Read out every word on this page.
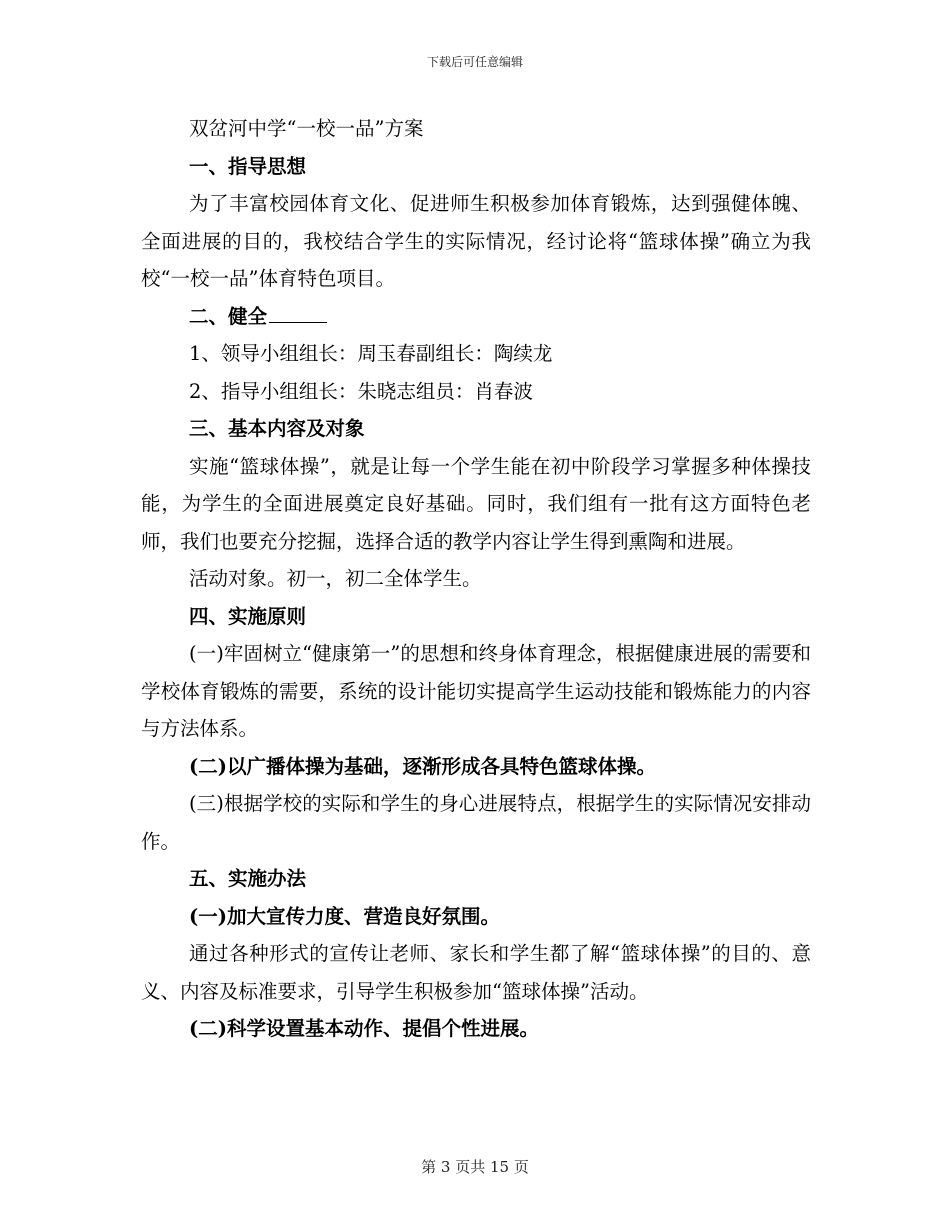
下载后可任意编辑

双岔河中学“一校一品”方案

一、指导思想

为了丰富校园体育文化、促进师生积极参加体育锻炼，达到强健体魄、全面进展的目的，我校结合学生的实际情况，经讨论将“篮球体操”确立为我校“一校一品”体育特色项目。

二、健全

1、领导小组组长：周玉春副组长：陶续龙

2、指导小组组长：朱晓志组员：肖春波

三、基本内容及对象

实施“篮球体操”，就是让每一个学生能在初中阶段学习掌握多种体操技能，为学生的全面进展奠定良好基础。同时，我们组有一批有这方面特色老师，我们也要充分挖掘，选择合适的教学内容让学生得到熏陶和进展。

活动对象。初一，初二全体学生。

四、实施原则

(一)牢固树立“健康第一”的思想和终身体育理念，根据健康进展的需要和学校体育锻炼的需要，系统的设计能切实提高学生运动技能和锻炼能力的内容与方法体系。

(二)以广播体操为基础，逐渐形成各具特色篮球体操。

(三)根据学校的实际和学生的身心进展特点，根据学生的实际情况安排动作。

五、实施办法

(一)加大宣传力度、营造良好氛围。

通过各种形式的宣传让老师、家长和学生都了解“篮球体操”的目的、意义、内容及标准要求，引导学生积极参加“篮球体操”活动。

(二)科学设置基本动作、提倡个性进展。

第 3 页共 15 页
